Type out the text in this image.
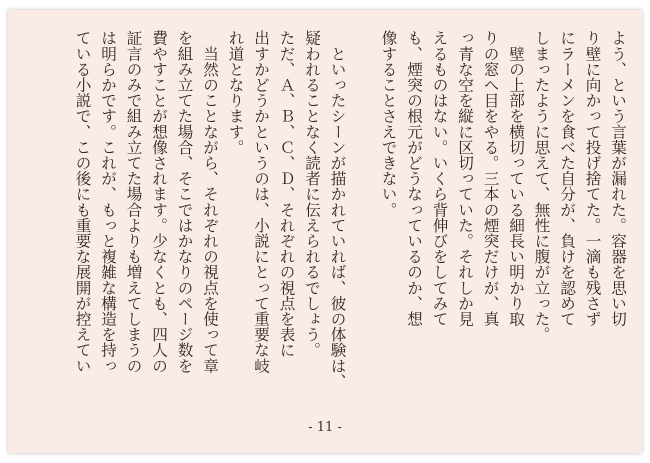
よう、という言葉が漏れた。容器を思い切
り壁に向かって投げ捨てた。一滴も残さず
にラーメンを食べた自分が、負けを認めて
しまったように思えて、無性に腹が立った。
　壁の上部を横切っている細長い明かり取
りの窓へ目をやる。三本の煙突だけが、真
っ青な空を縦に区切っていた。それしか見
えるものはない。いくら背伸びをしてみて
も、煙突の根元がどうなっているのか、想
像することさえできない。
　といったシーンが描かれていれば、彼の体験は、
疑われることなく読者に伝えられるでしょう。
ただ、Ａ、Ｂ、Ｃ、Ｄ、それぞれの視点を表に
出すかどうかというのは、小説にとって重要な岐
れ道となります。
　当然のことながら、それぞれの視点を使って章
を組み立てた場合、そこではかなりのページ数を
費やすことが想像されます。少なくとも、四人の
証言のみで組み立てた場合よりも増えてしまうの
は明らかです。これが、もっと複雑な構造を持っ
ている小説で、この後にも重要な展開が控えてい
- 11 -
